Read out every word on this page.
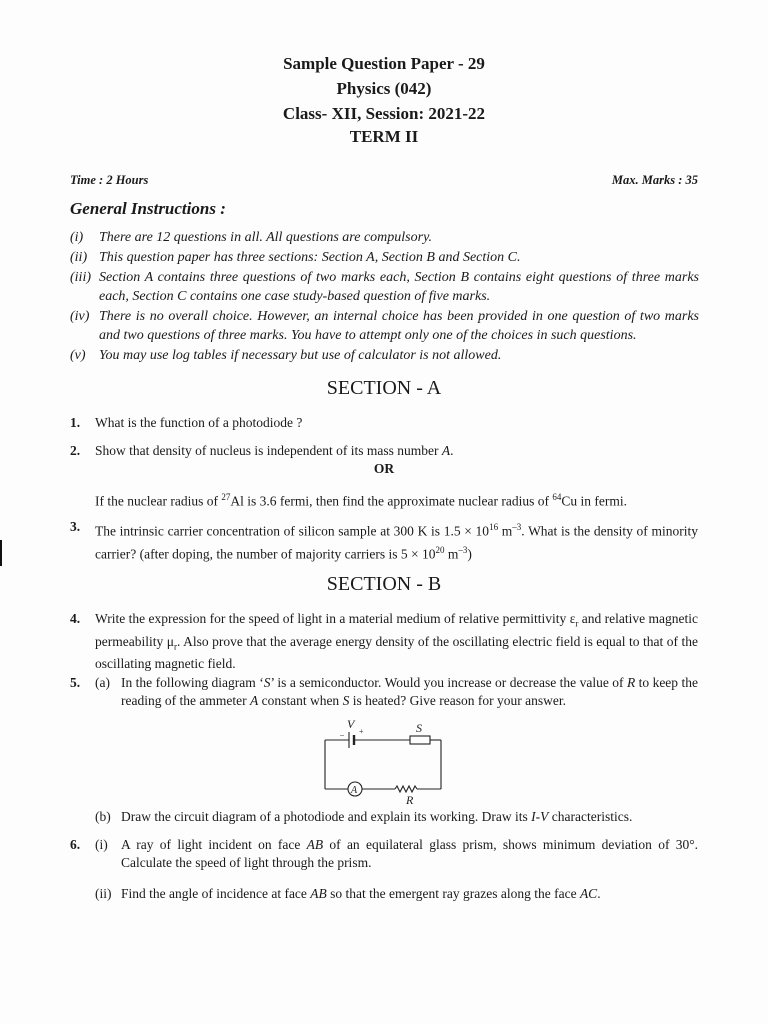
Sample Question Paper - 29
Physics (042)
Class- XII, Session: 2021-22
TERM II
Time : 2 Hours	Max. Marks : 35
General Instructions :
(i)	There are 12 questions in all. All questions are compulsory.
(ii) This question paper has three sections: Section A, Section B and Section C.
(iii) Section A contains three questions of two marks each, Section B contains eight questions of three marks each, Section C contains one case study-based question of five marks.
(iv) There is no overall choice. However, an internal choice has been provided in one question of two marks and two questions of three marks. You have to attempt only one of the choices in such questions.
(v) You may use log tables if necessary but use of calculator is not allowed.
SECTION - A
1. What is the function of a photodiode ?
2. Show that density of nucleus is independent of its mass number A.
OR
If the nuclear radius of $^{27}$Al is 3.6 fermi, then find the approximate nuclear radius of $^{64}$Cu in fermi.
3. The intrinsic carrier concentration of silicon sample at 300 K is $1.5 \times 10^{16}$ $m^{-3}$. What is the density of minority carrier? (after doping, the number of majority carriers is $5 \times 10^{20}$ $m^{-3}$)
SECTION - B
4. Write the expression for the speed of light in a material medium of relative permittivity $\varepsilon_r$ and relative magnetic permeability $\mu_r$. Also prove that the average energy density of the oscillating electric field is equal to that of the oscillating magnetic field.
5. (a) In the following diagram ‘S’ is a semiconductor. Would you increase or decrease the value of R to keep the reading of the ammeter A constant when S is heated? Give reason for your answer.
V
+
–	S
A
R
(b) Draw the circuit diagram of a photodiode and explain its working. Draw its I-V characteristics.
6. (i) A ray of light incident on face AB of an equilateral glass prism, shows minimum deviation of 30°. Calculate the speed of light through the prism.
(ii) Find the angle of incidence at face AB so that the emergent ray grazes along the face AC.
